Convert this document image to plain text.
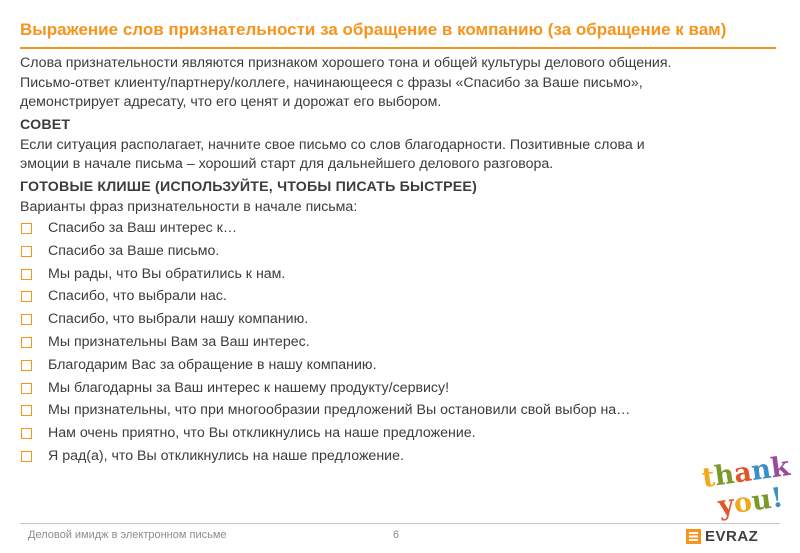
Выражение слов признательности за обращение в компанию (за обращение к вам)
Слова признательности являются признаком хорошего тона и общей культуры делового общения.
Письмо-ответ клиенту/партнеру/коллеге, начинающееся с фразы «Спасибо за Ваше письмо»,
демонстрирует адресату, что его ценят и дорожат его выбором.
СОВЕТ
Если ситуация располагает, начните свое письмо со слов благодарности. Позитивные слова и
эмоции в начале письма – хороший старт для дальнейшего делового разговора.
ГОТОВЫЕ КЛИШЕ (ИСПОЛЬЗУЙТЕ, ЧТОБЫ ПИСАТЬ БЫСТРЕЕ)
Варианты фраз признательности в начале письма:
Спасибо за Ваш интерес к…
Спасибо за Ваше письмо.
Мы рады, что Вы обратились к нам.
Спасибо, что выбрали нас.
Спасибо, что выбрали нашу компанию.
Мы признательны Вам за Ваш интерес.
Благодарим Вас за обращение в нашу компанию.
Мы благодарны за Ваш интерес к нашему продукту/сервису!
Мы признательны, что при многообразии предложений Вы остановили свой выбор на…
Нам очень приятно, что Вы откликнулись на наше предложение.
Я рад(а), что Вы откликнулись на наше предложение.
thank
you!
Деловой имидж в электронном письме	6	EVRAZ
